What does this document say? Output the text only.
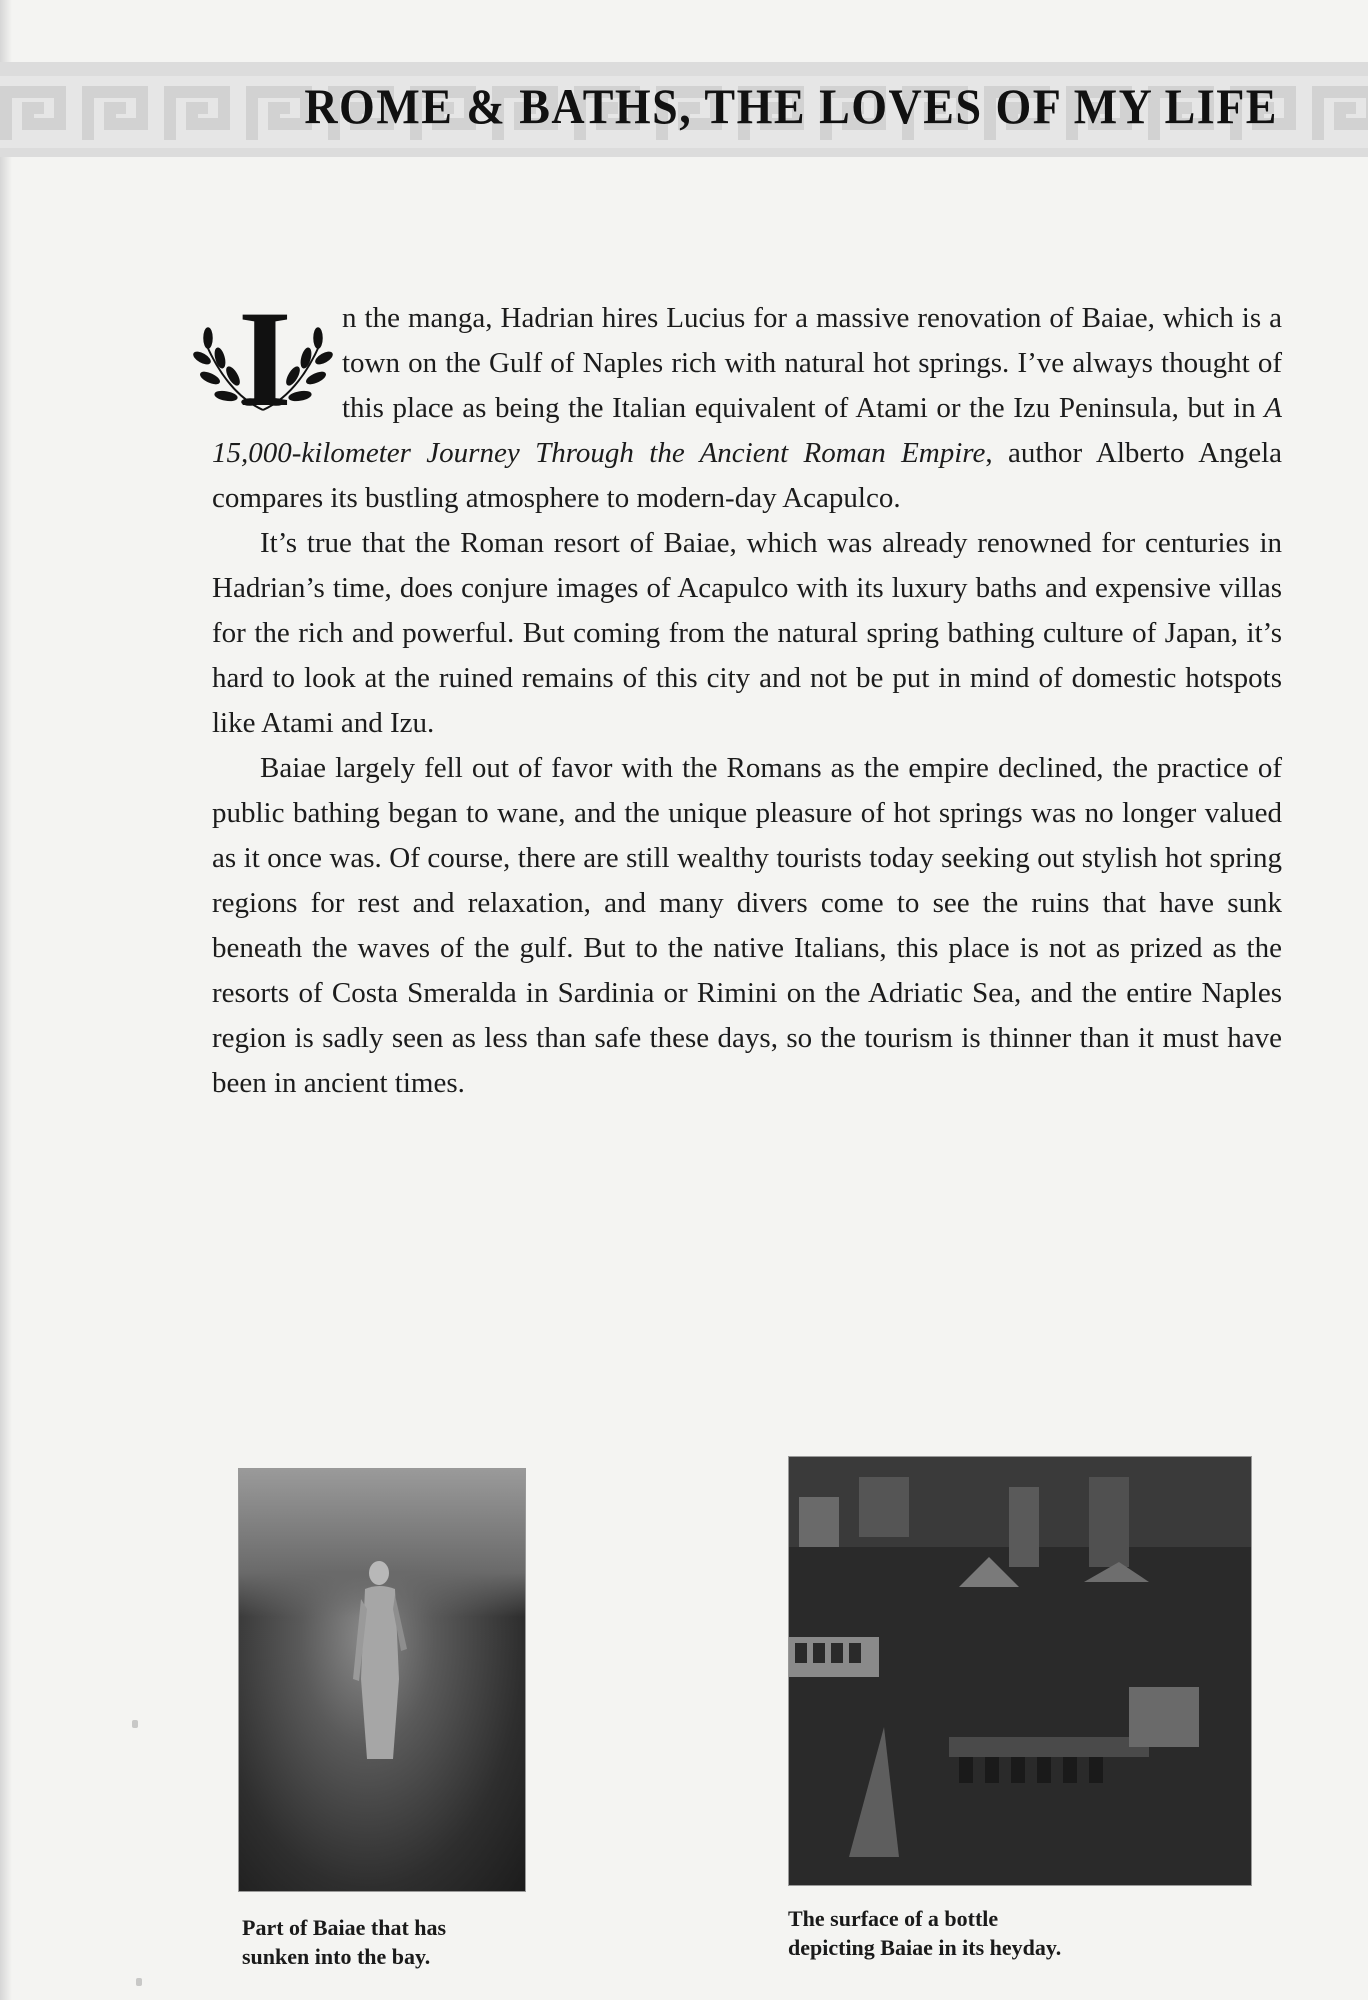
ROME & BATHS, THE LOVES OF MY LIFE

I n the manga, Hadrian hires Lucius for a massive renovation of Baiae, which is a town on the Gulf of Naples rich with natural hot springs. I’ve always thought of this place as being the Italian equivalent of Atami or the Izu Peninsula, but in A 15,000-kilometer Journey Through the Ancient Roman Empire, author Alberto Angela compares its bustling atmosphere to modern-day Acapulco.

It’s true that the Roman resort of Baiae, which was already renowned for centuries in Hadrian’s time, does conjure images of Acapulco with its luxury baths and expensive villas for the rich and powerful. But coming from the natural spring bathing culture of Japan, it’s hard to look at the ruined remains of this city and not be put in mind of domestic hotspots like Atami and Izu.

Baiae largely fell out of favor with the Romans as the empire declined, the practice of public bathing began to wane, and the unique pleasure of hot springs was no longer valued as it once was. Of course, there are still wealthy tourists today seeking out stylish hot spring regions for rest and relaxation, and many divers come to see the ruins that have sunk beneath the waves of the gulf. But to the native Italians, this place is not as prized as the resorts of Costa Smeralda in Sardinia or Rimini on the Adriatic Sea, and the entire Naples region is sadly seen as less than safe these days, so the tourism is thinner than it must have been in ancient times.

Part of Baiae that has
sunken into the bay.
The surface of a bottle
depicting Baiae in its heyday.
